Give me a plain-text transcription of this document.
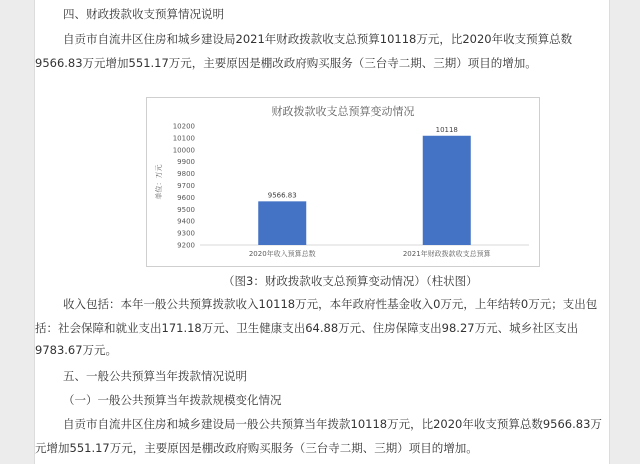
四、财政拨款收支预算情况说明
自贡市自流井区住房和城乡建设局2021年财政拨款收支总预算10118万元，比2020年收支预算总数
9566.83万元增加551.17万元，主要原因是棚改政府购买服务（三台寺二期、三期）项目的增加。
财政拨款收支总预算变动情况
单位：万元
9200
9300
9400
9500
9600
9700
9800
9900
10000
10100
10200
2020年收入预算总数	2021年财政拨款收支总预算
9566.83
10118
（图3：财政拨款收支总预算变动情况）（柱状图）
收入包括：本年一般公共预算拨款收入10118万元，本年政府性基金收入0万元，上年结转0万元；支出包
括：社会保障和就业支出171.18万元、卫生健康支出64.88万元、住房保障支出98.27万元、城乡社区支出
9783.67万元。
五、一般公共预算当年拨款情况说明
（一）一般公共预算当年拨款规模变化情况
自贡市自流井区住房和城乡建设局一般公共预算当年拨款10118万元，比2020年收支预算总数9566.83万
元增加551.17万元，主要原因是棚改政府购买服务（三台寺二期、三期）项目的增加。
